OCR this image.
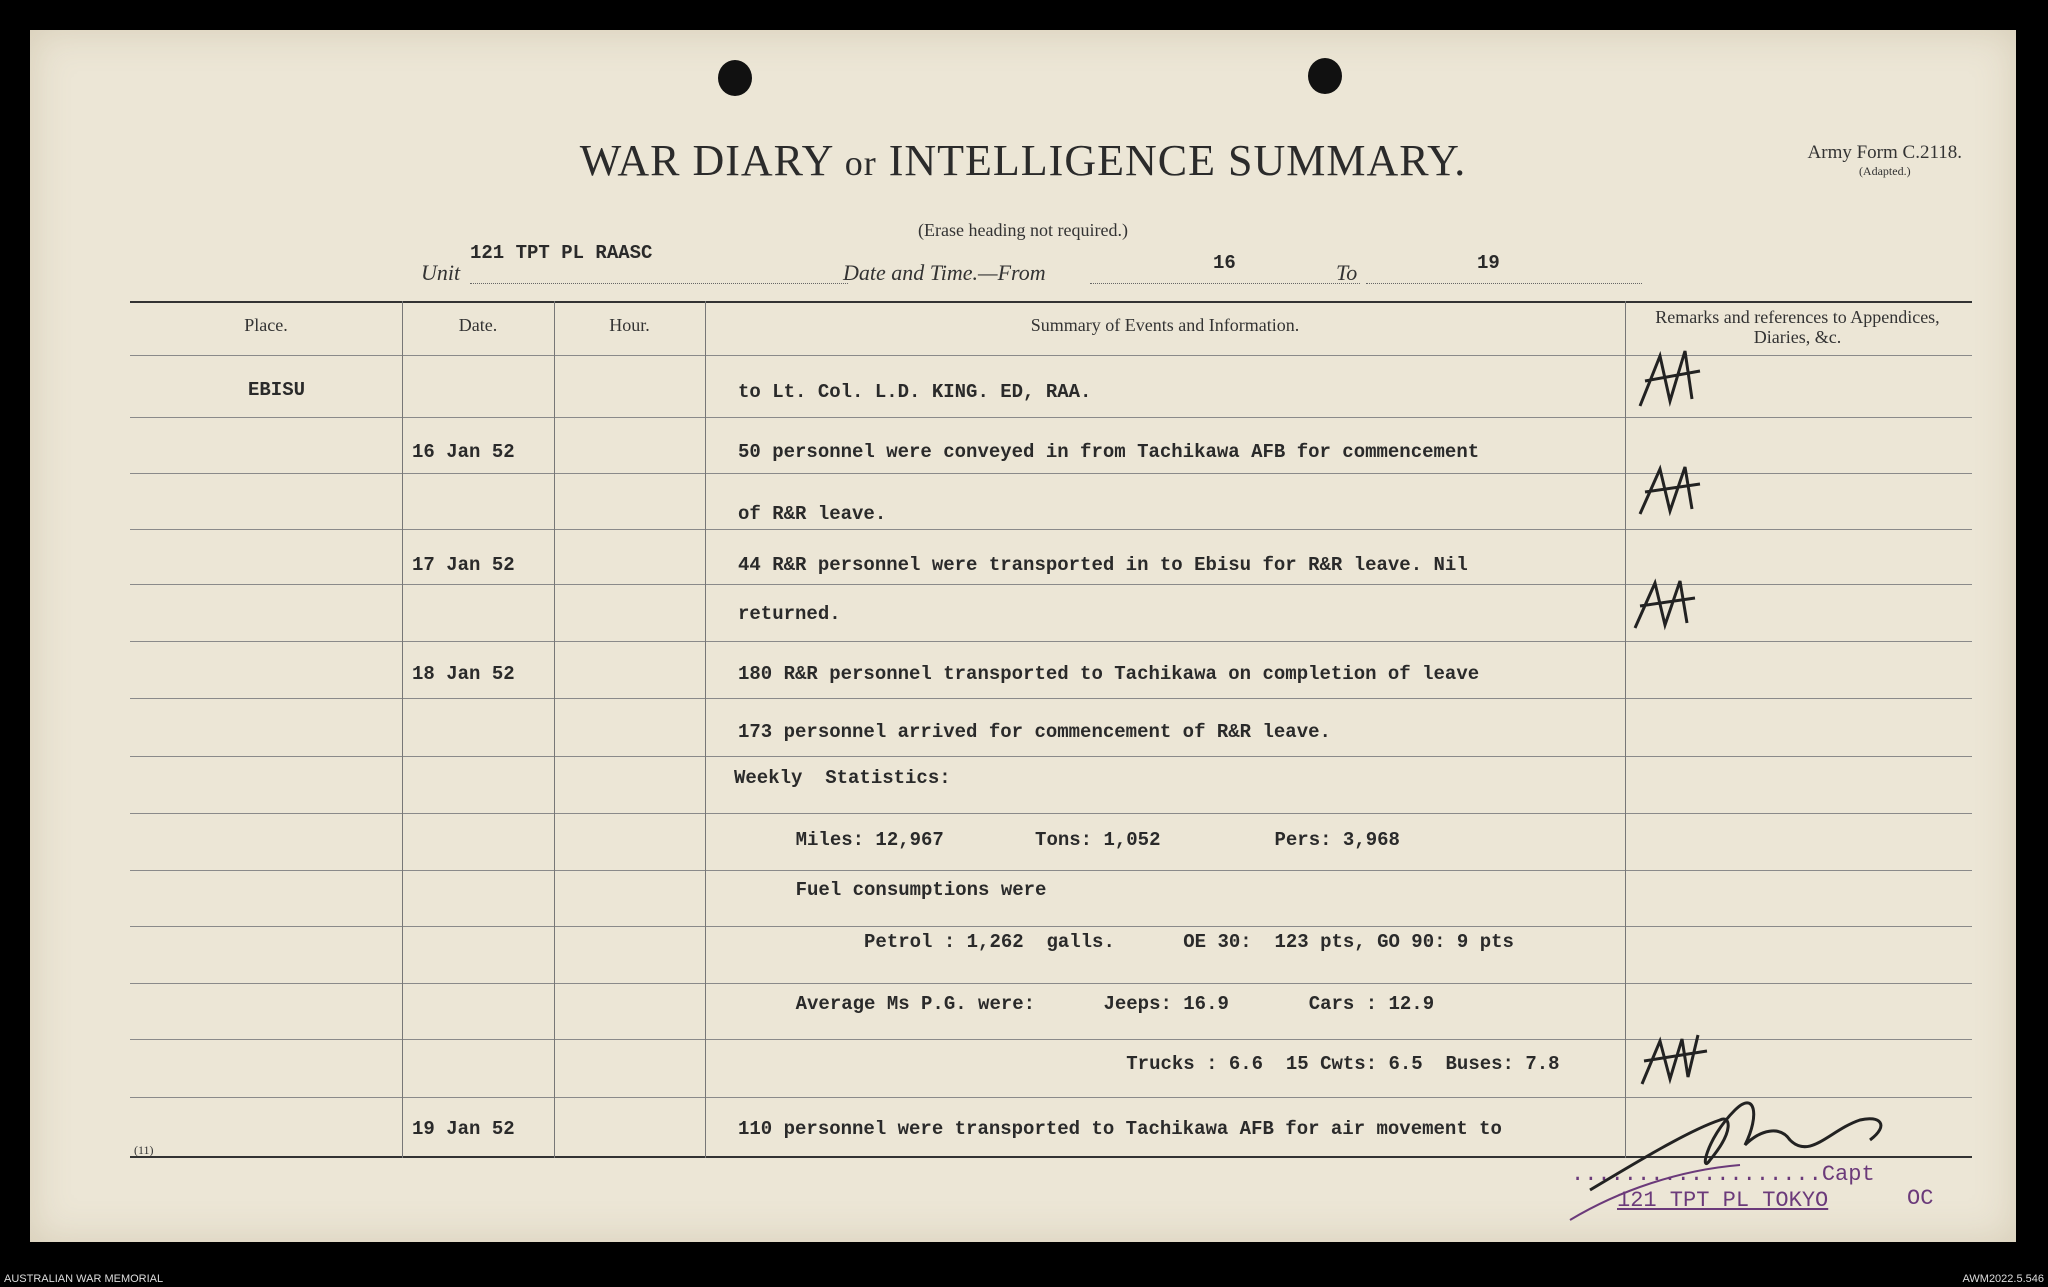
WAR DIARY or INTELLIGENCE SUMMARY.
(Erase heading not required.)
Army Form C.2118.
(Adapted.)
Unit
121 TPT PL RAASC
Date and Time.—From	16	To	19
Place.	Date.	Hour.	Summary of Events and Information.	Remarks and references to Appendices, Diaries, &c.
EBISU	to Lt. Col. L.D. KING. ED, RAA.
16 Jan 52	50 personnel were conveyed in from Tachikawa AFB for commencement
of R&R leave.
17 Jan 52	44 R&R personnel were transported in to Ebisu for R&R leave. Nil
returned.
18 Jan 52	180 R&R personnel transported to Tachikawa on completion of leave
173 personnel arrived for commencement of R&R leave.
Weekly  Statistics:
Miles: 12,967        Tons: 1,052          Pers: 3,968
Fuel consumptions were
Petrol : 1,262  galls.      OE 30:  123 pts, GO 90: 9 pts
Average Ms P.G. were:      Jeeps: 16.9       Cars : 12.9
Trucks : 6.6  15 Cwts: 6.5  Buses: 7.8
19 Jan 52	110 personnel were transported to Tachikawa AFB for air movement to
(11)
...................Capt
121 TPT PL TOKYO	OC
AUSTRALIAN WAR MEMORIAL	AWM2022.5.546
